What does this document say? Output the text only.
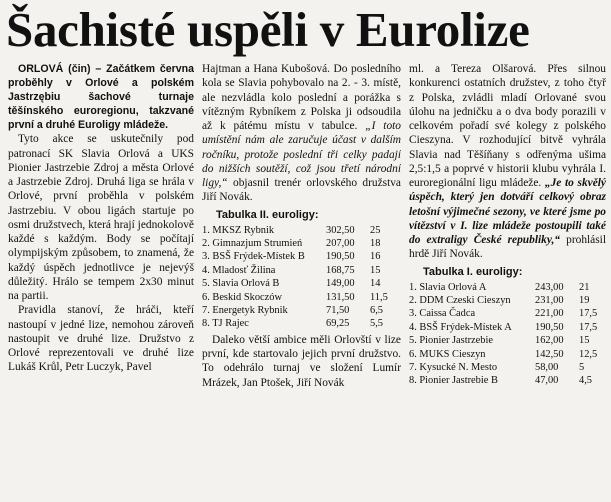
Šachisté uspěli v Eurolize

ORLOVÁ (čin) – Začátkem června proběhly v Orlové a polském Jastrzębiu šachové turnaje těšínského euroregionu, takzvané první a druhé Euroligy mládeže.

Tyto akce se uskutečnily pod patronací SK Slavia Orlová a UKS Pionier Jastrzebie Zdroj a města Orlové a Jastrzebie Zdroj. Druhá liga se hrála v Orlové, první proběhla v polském Jastrzebiu. V obou ligách startuje po osmi družstvech, která hrají jednokolově každé s každým. Body se počítají olympijským způsobem, to znamená, že každý úspěch jednotlivce je nejevýš důležitý. Hrálo se tempem 2x30 minut na partii.

Pravidla stanoví, že hráči, kteří nastoupí v jedné lize, nemohou zároveň nastoupit ve druhé lize. Družstvo z Orlové reprezentovali ve druhé lize Lukáš Krůl, Petr Luczyk, Pavel

Hajtman a Hana Kubošová. Do posledního kola se Slavia pohybovalo na 2. - 3. místě, ale nezvládla kolo poslední a porážka s vítězným Rybníkem z Polska ji odsoudila až k pátému místu v tabulce. „I toto umístění nám ale zaručuje účast v dalším ročníku, protože poslední tři celky padají do nižších soutěží, což jsou třetí národní ligy,“ objasnil trenér orlovského družstva Jiří Novák.

Tabulka II. euroligy:
1. MKSZ Rybnik	302,50	25
2. Gimnazjum Strumień	207,00	18
3. BSŠ Frýdek-Místek B	190,50	16
4. Mladosť Žilina	168,75	15
5. Slavia Orlová B	149,00	14
6. Beskid Skoczów	131,50	11,5
7. Energetyk Rybnik	71,50	6,5
8. TJ Rajec	69,25	5,5

Daleko větší ambice měli Orlovští v lize první, kde startovalo jejich první družstvo. To odehrálo turnaj ve složení Lumír Mrázek, Jan Ptošek, Jiří Novák

ml. a Tereza Olšarová. Přes silnou konkurenci ostatních družstev, z toho čtyř z Polska, zvládli mladí Orlované svou úlohu na jedničku a o dva body porazili v celkovém pořadí své kolegy z polského Cieszyna. V rozhodující bitvě vyhrála Slavia nad Těšíňany s odřenýma ušima 2,5:1,5 a poprvé v historii klubu vyhrála I. euroregionální ligu mládeže. „Je to skvělý úspěch, který jen dotváří celkový obraz letošní výjimečné sezony, ve které jsme po vítězství v I. lize mládeže postoupili také do extraligy České republiky,“ prohlásil hrdě Jiří Novák.

Tabulka I. euroligy:
1. Slavia Orlová A	243,00	21
2. DDM Czeski Cieszyn	231,00	19
3. Caissa Čadca	221,00	17,5
4. BSŠ Frýdek-Místek A	190,50	17,5
5. Pionier Jastrzebie	162,00	15
6. MUKS Cieszyn	142,50	12,5
7. Kysucké N. Mesto	58,00	5
8. Pionier Jastrebie B	47,00	4,5
